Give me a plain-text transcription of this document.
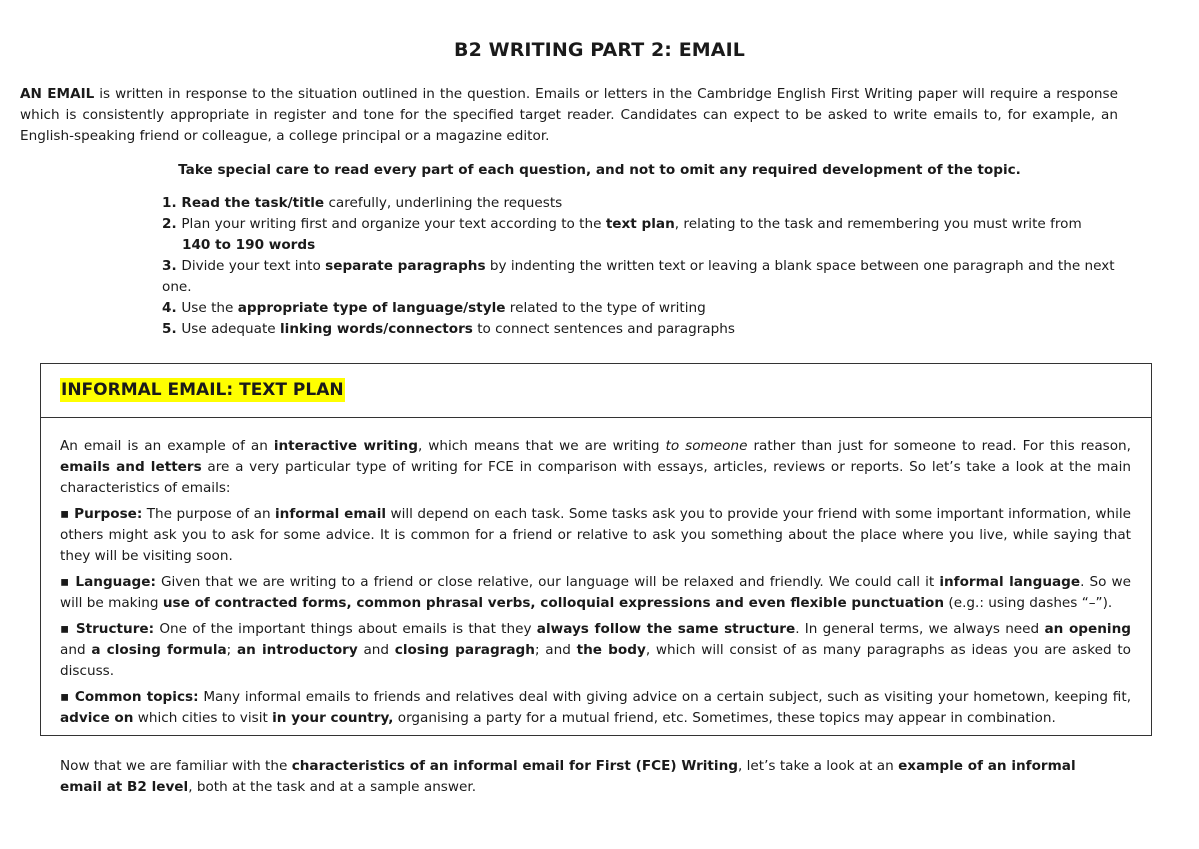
B2 WRITING PART 2: EMAIL
AN EMAIL is written in response to the situation outlined in the question. Emails or letters in the Cambridge English First Writing paper will require a response which is consistently appropriate in register and tone for the specified target reader. Candidates can expect to be asked to write emails to, for example, an English-speaking friend or colleague, a college principal or a magazine editor.
Take special care to read every part of each question, and not to omit any required development of the topic.
1. Read the task/title carefully, underlining the requests
2. Plan your writing first and organize your text according to the text plan, relating to the task and remembering you must write from
140 to 190 words
3. Divide your text into separate paragraphs by indenting the written text or leaving a blank space between one paragraph and the next
one.
4. Use the appropriate type of language/style related to the type of writing
5. Use adequate linking words/connectors to connect sentences and paragraphs
INFORMAL EMAIL: TEXT PLAN

An email is an example of an interactive writing, which means that we are writing to someone rather than just for someone to read. For this reason, emails and letters are a very particular type of writing for FCE in comparison with essays, articles, reviews or reports. So let’s take a look at the main characteristics of emails:

▪ Purpose: The purpose of an informal email will depend on each task. Some tasks ask you to provide your friend with some important information, while others might ask you to ask for some advice. It is common for a friend or relative to ask you something about the place where you live, while saying that they will be visiting soon.

▪ Language: Given that we are writing to a friend or close relative, our language will be relaxed and friendly. We could call it informal language. So we will be making use of contracted forms, common phrasal verbs, colloquial expressions and even flexible punctuation (e.g.: using dashes “–”).

▪ Structure: One of the important things about emails is that they always follow the same structure. In general terms, we always need an opening and a closing formula; an introductory and closing paragragh; and the body, which will consist of as many paragraphs as ideas you are asked to discuss.

▪ Common topics: Many informal emails to friends and relatives deal with giving advice on a certain subject, such as visiting your hometown, keeping fit, advice on which cities to visit in your country, organising a party for a mutual friend, etc. Sometimes, these topics may appear in combination.

Now that we are familiar with the characteristics of an informal email for First (FCE) Writing, let’s take a look at an example of an informal email at B2 level, both at the task and at a sample answer.
